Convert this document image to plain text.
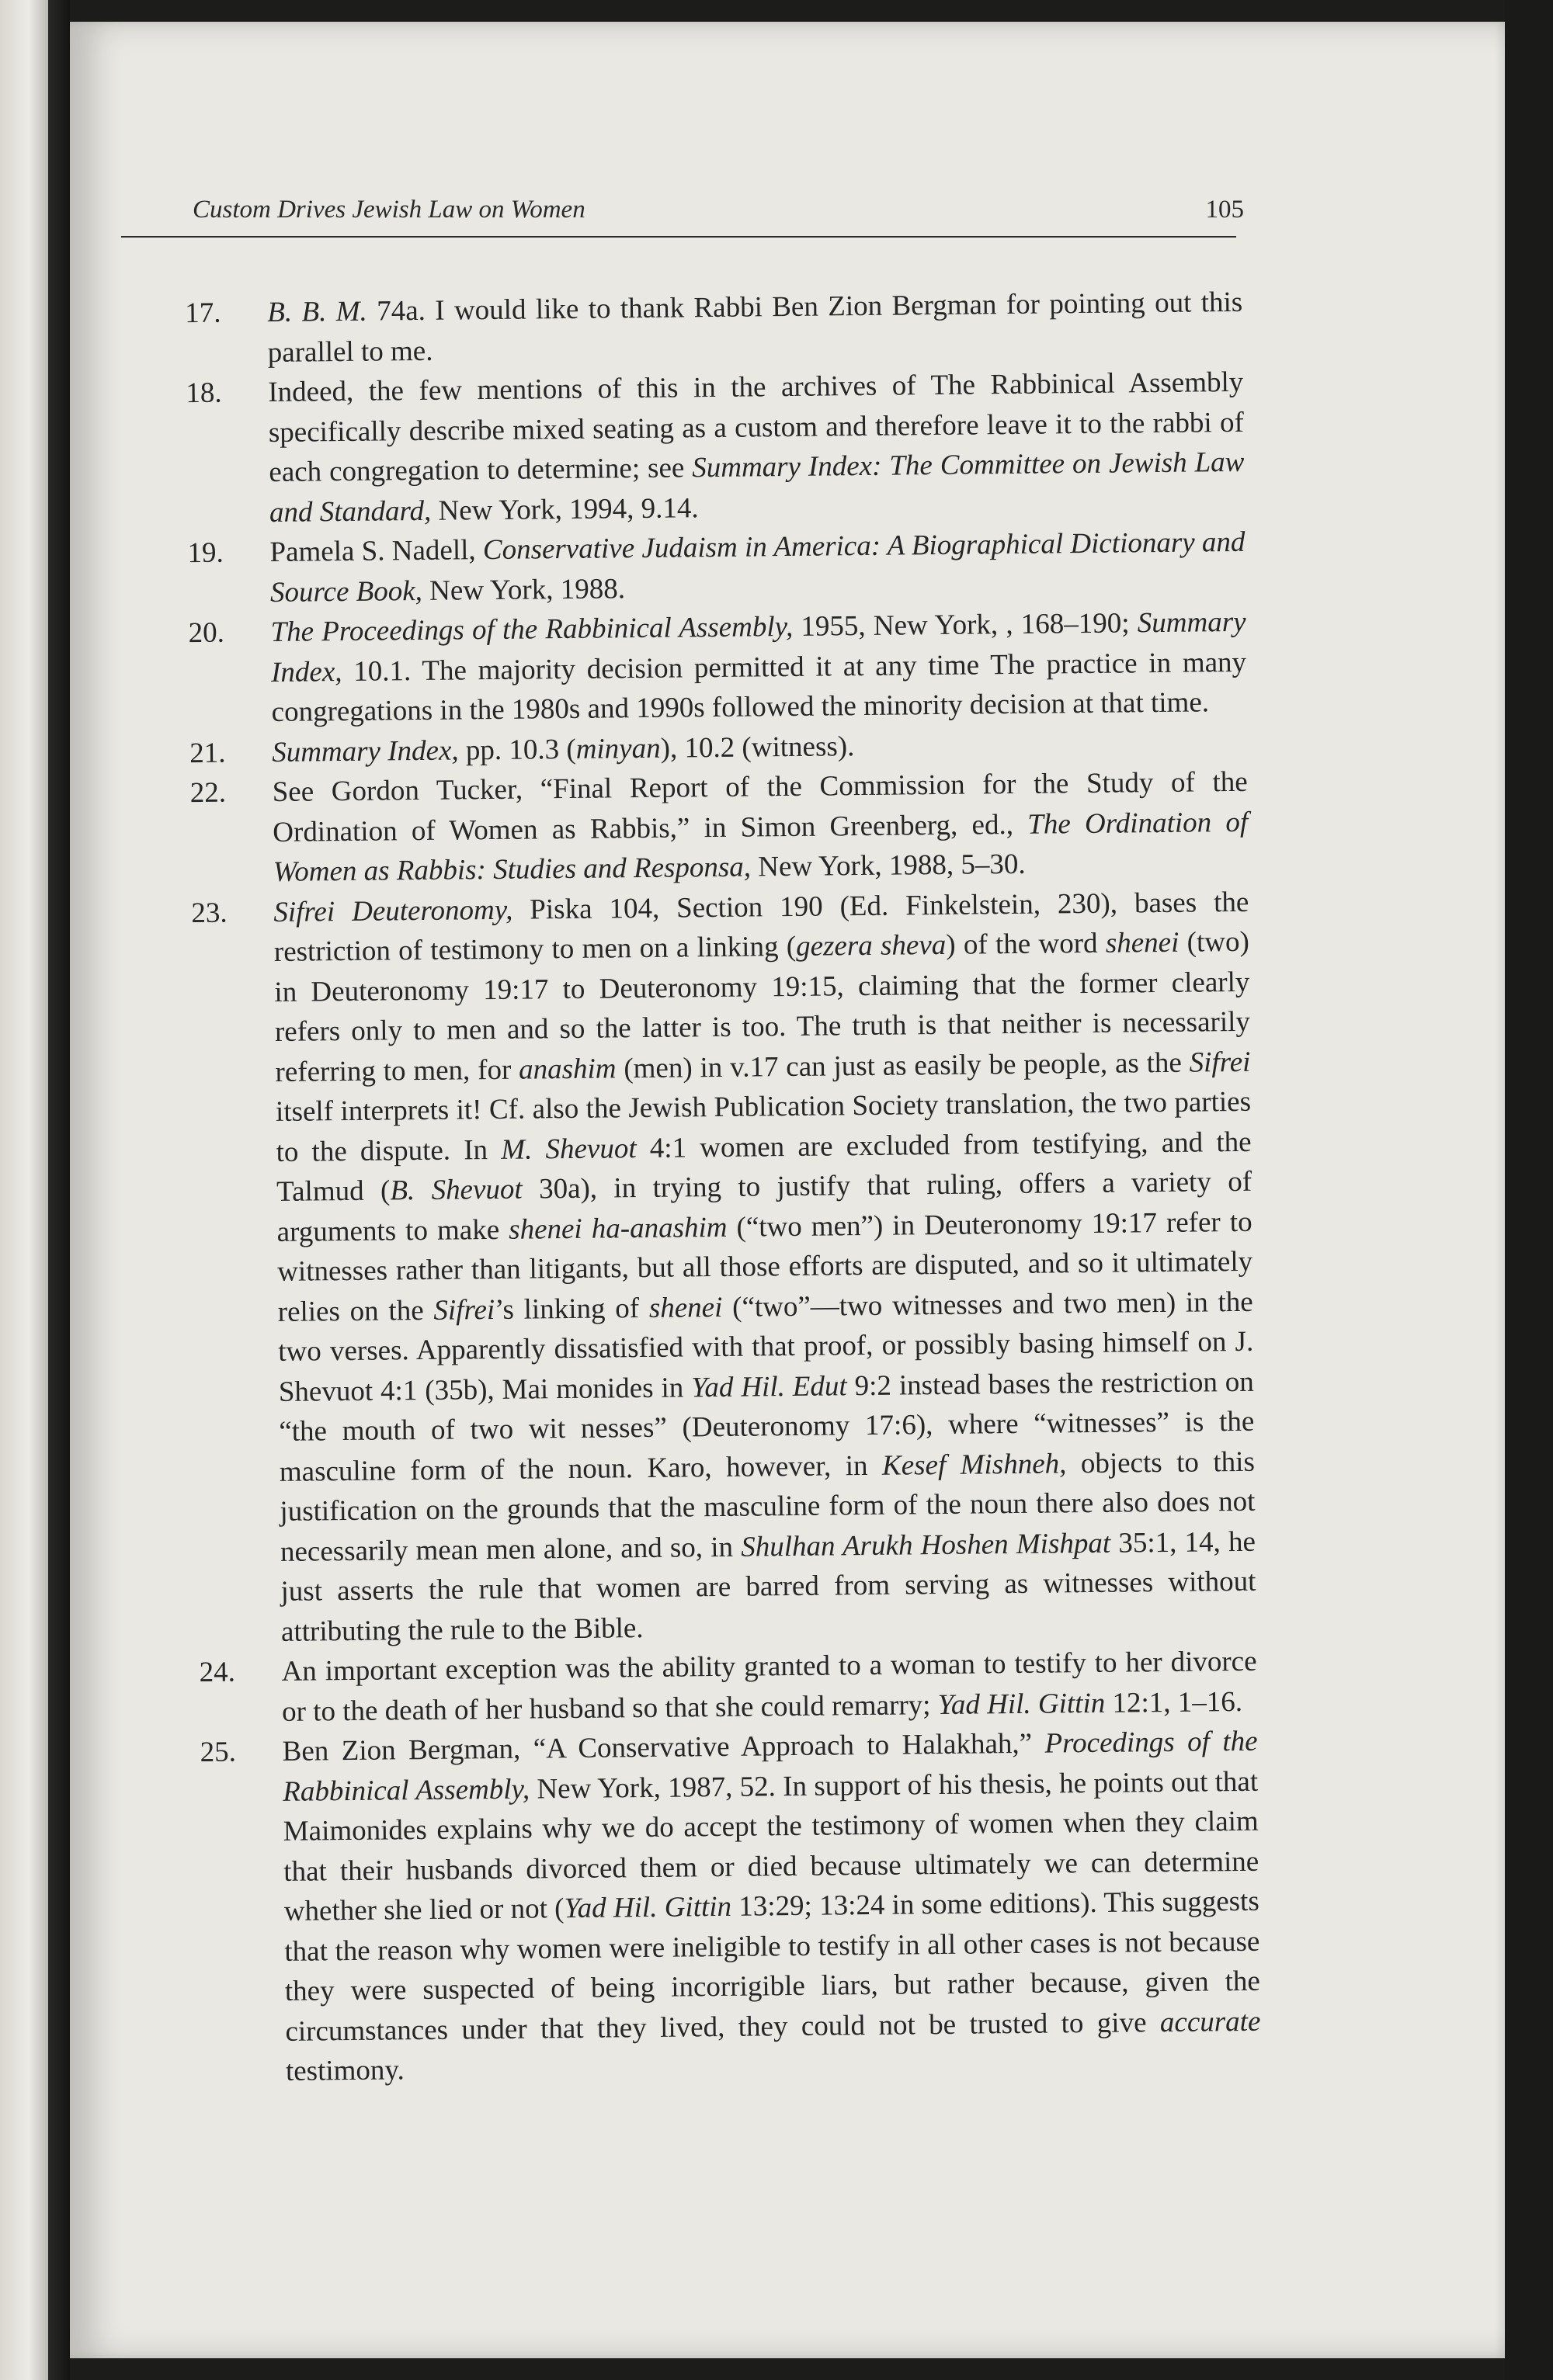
Custom Drives Jewish Law on Women	105
17. B. B. M. 74a. I would like to thank Rabbi Ben Zion Bergman for pointing out this parallel to me.
18. Indeed, the few mentions of this in the archives of The Rabbinical Assembly specifically describe mixed seating as a custom and therefore leave it to the rabbi of each congregation to determine; see Summary Index: The Committee on Jewish Law and Standard, New York, 1994, 9.14.
19. Pamela S. Nadell, Conservative Judaism in America: A Biographical Dictionary and Source Book, New York, 1988.
20. The Proceedings of the Rabbinical Assembly, 1955, New York, , 168–190; Summary Index, 10.1. The majority decision permitted it at any time The practice in many congregations in the 1980s and 1990s followed the minority decision at that time.
21. Summary Index, pp. 10.3 (minyan), 10.2 (witness).
22. See Gordon Tucker, “Final Report of the Commission for the Study of the Ordination of Women as Rabbis,” in Simon Greenberg, ed., The Ordination of Women as Rabbis: Studies and Responsa, New York, 1988, 5–30.
23. Sifrei Deuteronomy, Piska 104, Section 190 (Ed. Finkelstein, 230), bases the restriction of testimony to men on a linking (gezera sheva) of the word shenei (two) in Deuteronomy 19:17 to Deuteronomy 19:15, claiming that the former clearly refers only to men and so the latter is too. The truth is that neither is necessarily referring to men, for anashim (men) in v.17 can just as easily be people, as the Sifrei itself interprets it! Cf. also the Jewish Publication Society translation, the two parties to the dispute. In M. Shevuot 4:1 women are excluded from testifying, and the Talmud (B. Shevuot 30a), in trying to justify that ruling, offers a variety of arguments to make shenei ha-anashim (“two men”) in Deuteronomy 19:17 refer to witnesses rather than litigants, but all those efforts are disputed, and so it ultimately relies on the Sifrei’s linking of shenei (“two”—two witnesses and two men) in the two verses. Apparently dissatisfied with that proof, or possibly basing himself on J. Shevuot 4:1 (35b), Mai monides in Yad Hil. Edut 9:2 instead bases the restriction on “the mouth of two wit nesses” (Deuteronomy 17:6), where “witnesses” is the masculine form of the noun. Karo, however, in Kesef Mishneh, objects to this justification on the grounds that the masculine form of the noun there also does not necessarily mean men alone, and so, in Shulhan Arukh Hoshen Mishpat 35:1, 14, he just asserts the rule that women are barred from serving as witnesses without attributing the rule to the Bible.
24. An important exception was the ability granted to a woman to testify to her divorce or to the death of her husband so that she could remarry; Yad Hil. Gittin 12:1, 1–16.
25. Ben Zion Bergman, “A Conservative Approach to Halakhah,” Procedings of the Rabbinical Assembly, New York, 1987, 52. In support of his thesis, he points out that Maimonides explains why we do accept the testimony of women when they claim that their husbands divorced them or died because ultimately we can determine whether she lied or not (Yad Hil. Gittin 13:29; 13:24 in some editions). This suggests that the reason why women were ineligible to testify in all other cases is not because they were suspected of being incorrigible liars, but rather because, given the circumstances under that they lived, they could not be trusted to give accurate testimony.
